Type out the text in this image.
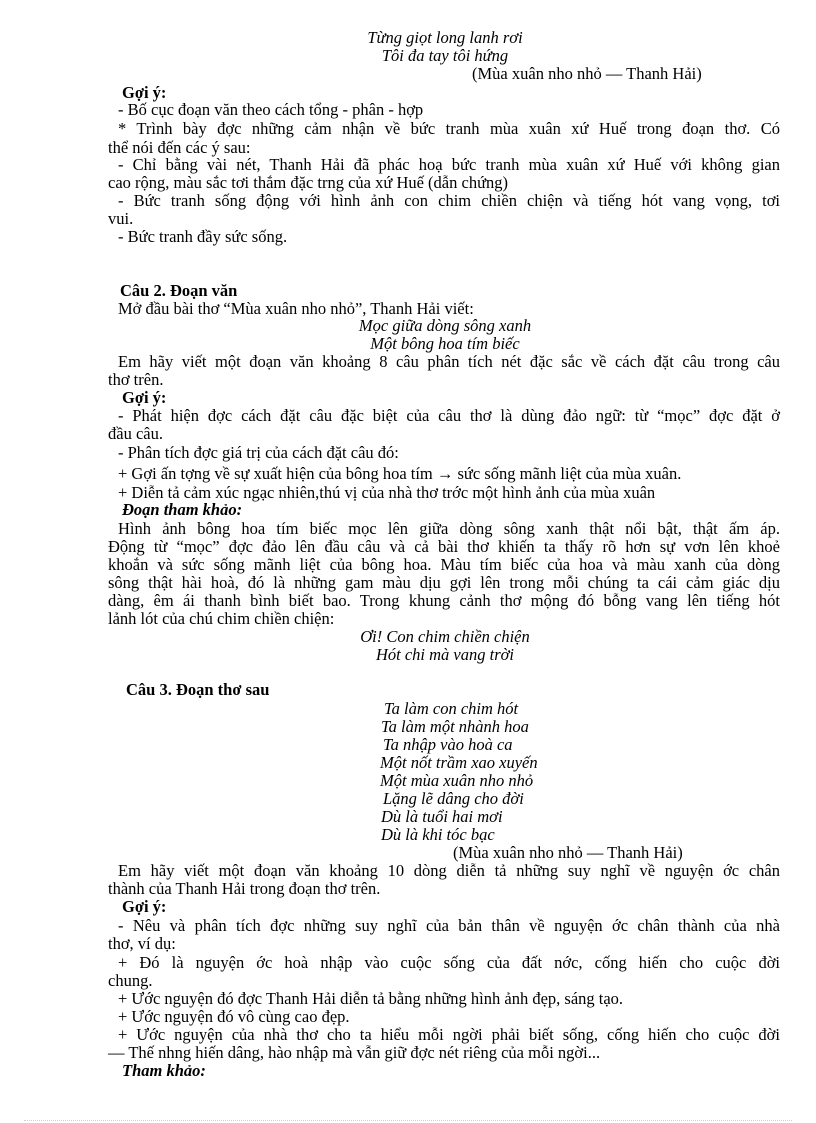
Từng giọt long lanh rơi
Tôi đa tay tôi hứng
(Mùa xuân nho nhỏ — Thanh Hải)
Gợi ý:
- Bố cục đoạn văn theo cách tổng - phân - hợp
* Trình bày đợc những cảm nhận về bức tranh mùa xuân xứ Huế trong đoạn thơ. Có
thể nói đến các ý sau:
- Chỉ bằng vài nét, Thanh Hải đã phác hoạ bức tranh mùa xuân xứ Huế với không gian
cao rộng, màu sắc tơi thắm đặc trng của xứ Huế (dẫn chứng)
- Bức tranh sống động với hình ảnh con chim chiền chiện và tiếng hót vang vọng, tơi
vui.
- Bức tranh đầy sức sống.
Câu 2. Đoạn văn
Mở đầu bài thơ “Mùa xuân nho nhỏ”, Thanh Hải viết:
Mọc giữa dòng sông xanh
Một bông hoa tím biếc
Em hãy viết một đoạn văn khoảng 8 câu phân tích nét đặc sắc về cách đặt câu trong câu
thơ trên.
Gợi ý:
- Phát hiện đợc cách đặt câu đặc biệt của câu thơ là dùng đảo ngữ: từ “mọc” đợc đặt ở
đầu câu.
- Phân tích đợc giá trị của cách đặt câu đó:
+ Gợi ấn tợng về sự xuất hiện của bông hoa tím → sức sống mãnh liệt của mùa xuân.
+ Diễn tả cảm xúc ngạc nhiên,thú vị của nhà thơ trớc một hình ảnh của mùa xuân
Đoạn tham khảo:
Hình ảnh bông hoa tím biếc mọc lên giữa dòng sông xanh thật nổi bật, thật ấm áp.
Động từ “mọc” đợc đảo lên đầu câu và cả bài thơ khiến ta thấy rõ hơn sự vơn lên khoẻ
khoắn và sức sống mãnh liệt của bông hoa. Màu tím biếc của hoa và màu xanh của dòng
sông thật hài hoà, đó là những gam màu dịu gợi lên trong mỗi chúng ta cái cảm giác dịu
dàng, êm ái thanh bình biết bao. Trong khung cảnh thơ mộng đó bỗng vang lên tiếng hót
lảnh lót của chú chim chiền chiện:
Ơi! Con chim chiền chiện
Hót chi mà vang trời
Câu 3. Đoạn thơ sau
Ta làm con chim hót
Ta làm một nhành hoa
Ta nhập vào hoà ca
Một nốt trầm xao xuyến
Một mùa xuân nho nhỏ
Lặng lẽ dâng cho đời
Dù là tuổi hai mơi
Dù là khi tóc bạc
(Mùa xuân nho nhỏ — Thanh Hải)
Em hãy viết một đoạn văn khoảng 10 dòng diễn tả những suy nghĩ về nguyện ớc chân
thành của Thanh Hải trong đoạn thơ trên.
Gợi ý:
- Nêu và phân tích đợc những suy nghĩ của bản thân về nguyện ớc chân thành của nhà
thơ, ví dụ:
+ Đó là nguyện ớc hoà nhập vào cuộc sống của đất nớc, cống hiến cho cuộc đời
chung.
+ Ước nguyện đó đợc Thanh Hải diễn tả bằng những hình ảnh đẹp, sáng tạo.
+ Ước nguyện đó vô cùng cao đẹp.
+ Ước nguyện của nhà thơ cho ta hiểu mỗi ngời phải biết sống, cống hiến cho cuộc đời
— Thế nhng hiến dâng, hào nhập mà vẫn giữ đợc nét riêng của mỗi ngời...
Tham khảo:
